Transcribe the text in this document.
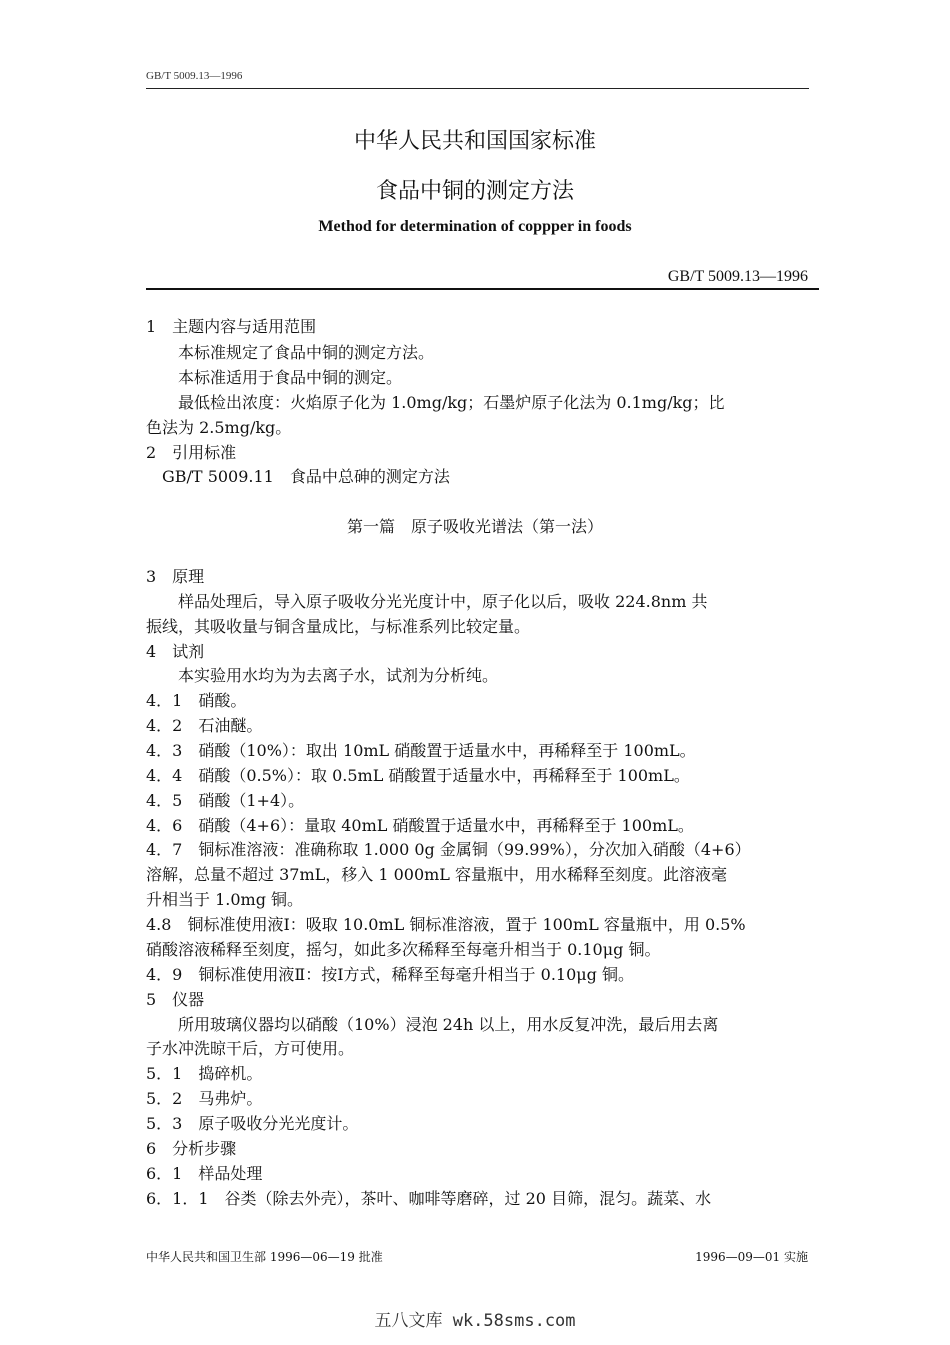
GB/T 5009.13—1996
中华人民共和国国家标准
食品中铜的测定方法
Method for determination of coppper in foods
GB/T 5009.13—1996
1　主题内容与适用范围
　　本标准规定了食品中铜的测定方法。
　　本标准适用于食品中铜的测定。
　　最低检出浓度：火焰原子化为 1.0mg/kg；石墨炉原子化法为 0.1mg/kg；比
色法为 2.5mg/kg。
2　引用标准
　GB/T 5009.11　食品中总砷的测定方法
第一篇　原子吸收光谱法（第一法）
3　原理
　　样品处理后，导入原子吸收分光光度计中，原子化以后，吸收 224.8nm 共
振线，其吸收量与铜含量成比，与标准系列比较定量。
4　试剂
　　本实验用水均为为去离子水，试剂为分析纯。
4．1　硝酸。
4．2　石油醚。
4．3　硝酸（10%）：取出 10mL 硝酸置于适量水中，再稀释至于 100mL。
4．4　硝酸（0.5%）：取 0.5mL 硝酸置于适量水中，再稀释至于 100mL。
4．5　硝酸（1+4）。
4．6　硝酸（4+6）：量取 40mL 硝酸置于适量水中，再稀释至于 100mL。
4．7　铜标准溶液：准确称取 1.000 0g 金属铜（99.99%），分次加入硝酸（4+6）
溶解，总量不超过 37mL，移入 1 000mL 容量瓶中，用水稀释至刻度。此溶液毫
升相当于 1.0mg 铜。
4.8　铜标准使用液Ⅰ：吸取 10.0mL 铜标准溶液，置于 100mL 容量瓶中，用 0.5%
硝酸溶液稀释至刻度，摇匀，如此多次稀释至每毫升相当于 0.10μg 铜。
4．9　铜标准使用液Ⅱ：按Ⅰ方式，稀释至每毫升相当于 0.10μg 铜。
5　仪器
　　所用玻璃仪器均以硝酸（10%）浸泡 24h 以上，用水反复冲洗，最后用去离
子水冲洗晾干后，方可使用。
5．1　捣碎机。
5．2　马弗炉。
5．3　原子吸收分光光度计。
6　分析步骤
6．1　样品处理
6．1．1　谷类（除去外壳），茶叶、咖啡等磨碎，过 20 目筛，混匀。蔬菜、水
中华人民共和国卫生部 1996—06—19 批准	1996—09—01 实施
五八文库 wk.58sms.com
